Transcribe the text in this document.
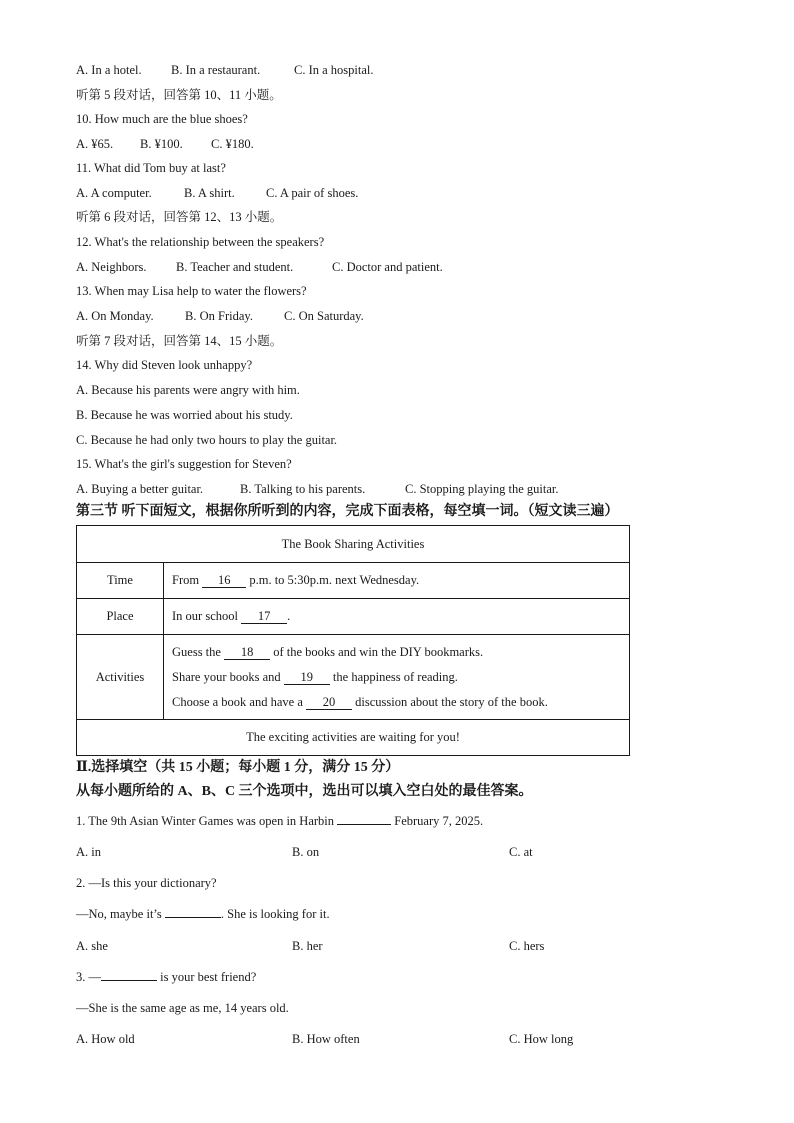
A. In a hotel. B. In a restaurant.	C. In a hospital.
听第 5 段对话，回答第 10、11 小题。
10. How much are the blue shoes?
A. ¥65. B. ¥100. C. ¥180.
11. What did Tom buy at last?
A. A computer.	B. A shirt.	C. A pair of shoes.
听第 6 段对话，回答第 12、13 小题。
12. What's the relationship between the speakers?
A. Neighbors. B. Teacher and student.	C. Doctor and patient.
13. When may Lisa help to water the flowers?
A. On Monday.	B. On Friday. C. On Saturday.
听第 7 段对话，回答第 14、15 小题。
14. Why did Steven look unhappy?
A. Because his parents were angry with him.
B. Because he was worried about his study.
C. Because he had only two hours to play the guitar.
15. What's the girl's suggestion for Steven?
A. Buying a better guitar.	B. Talking to his parents.	C. Stopping playing the guitar.
第三节 听下面短文，根据你所听到的内容，完成下面表格，每空填一词。（短文读三遍）
The Book Sharing Activities	
Time	From 16 p.m. to 5:30p.m. next Wednesday.
Place	In our school 17 .
Activities	Guess the 18 of the books and win the DIY bookmarks.
Share your books and 19 the happiness of reading.
Choose a book and have a 20 discussion about the story of the book.

The exciting activities are waiting for you!	
Ⅱ.选择填空（共 15 小题；每小题 1 分，满分 15 分）
从每小题所给的 A、B、C 三个选项中，选出可以填入空白处的最佳答案。
1. The 9th Asian Winter Games was open in Harbin	February 7, 2025.
A. in	B. on	C. at
2. —Is this your dictionary?
—No, maybe it’s	. She is looking for it.
A. she	B. her	C. hers
3. —	is your best friend?
—She is the same age as me, 14 years old.
A. How old	B. How often	C. How long
